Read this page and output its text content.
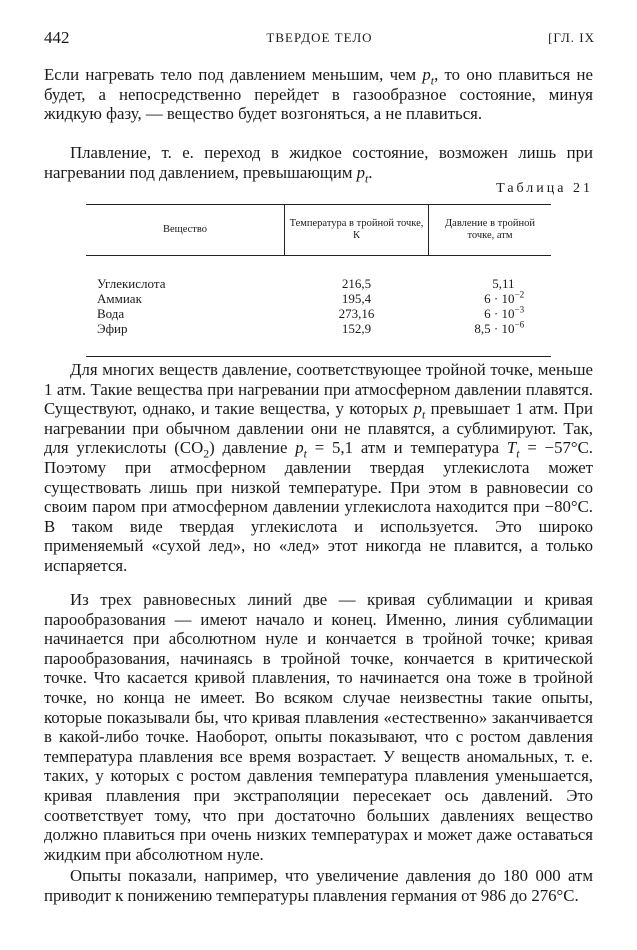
442	ТВЕРДОЕ ТЕЛО	[ГЛ. IX

Если нагревать тело под давлением меньшим, чем $p_t$, то оно плавиться не будет, а непосредственно перейдет в газообразное состояние, минуя жидкую фазу, — вещество будет возгоняться, а не плавиться.

Плавление, т. е. переход в жидкое состояние, возможен лишь при нагревании под давлением, превышающим $p_t$.

Таблица 21
Вещество	Температура в тройной точке, К	Давление в тройной точке, атм
Углекислота	216,5	5,11
Аммиак	195,4	$6 \cdot 10^{-2}$
Вода	273,16	$6 \cdot 10^{-3}$
Эфир	152,9	$8,5 \cdot 10^{-6}$

Для многих веществ давление, соответствующее тройной точке, меньше 1 атм. Такие вещества при нагревании при атмосферном давлении плавятся. Существуют, однако, и такие вещества, у которых $p_t$ превышает 1 атм. При нагревании при обычном давлении они не плавятся, а сублимируют. Так, для углекислоты $(CO_2)$ давление $p_t = 5,1$ атм и температура $T_t = -57^\circ C$. Поэтому при атмосферном давлении твердая углекислота может существовать лишь при низкой температуре. При этом в равновесии со своим паром при атмосферном давлении углекислота находится при −80°C. В таком виде твердая углекислота и используется. Это широко применяемый «сухой лед», но «лед» этот никогда не плавится, а только испаряется.

Из трех равновесных линий две — кривая сублимации и кривая парообразования — имеют начало и конец. Именно, линия сублимации начинается при абсолютном нуле и кончается в тройной точке; кривая парообразования, начинаясь в тройной точке, кончается в критической точке. Что касается кривой плавления, то начинается она тоже в тройной точке, но конца не имеет. Во всяком случае неизвестны такие опыты, которые показывали бы, что кривая плавления «естественно» заканчивается в какой-либо точке. Наоборот, опыты показывают, что с ростом давления температура плавления все время возрастает. У веществ аномальных, т. е. таких, у которых с ростом давления температура плавления уменьшается, кривая плавления при экстраполяции пересекает ось давлений. Это соответствует тому, что при достаточно больших давлениях вещество должно плавиться при очень низких температурах и может даже оставаться жидким при абсолютном нуле.

Опыты показали, например, что увеличение давления до 180 000 атм приводит к понижению температуры плавления германия от 986 до 276°C.
